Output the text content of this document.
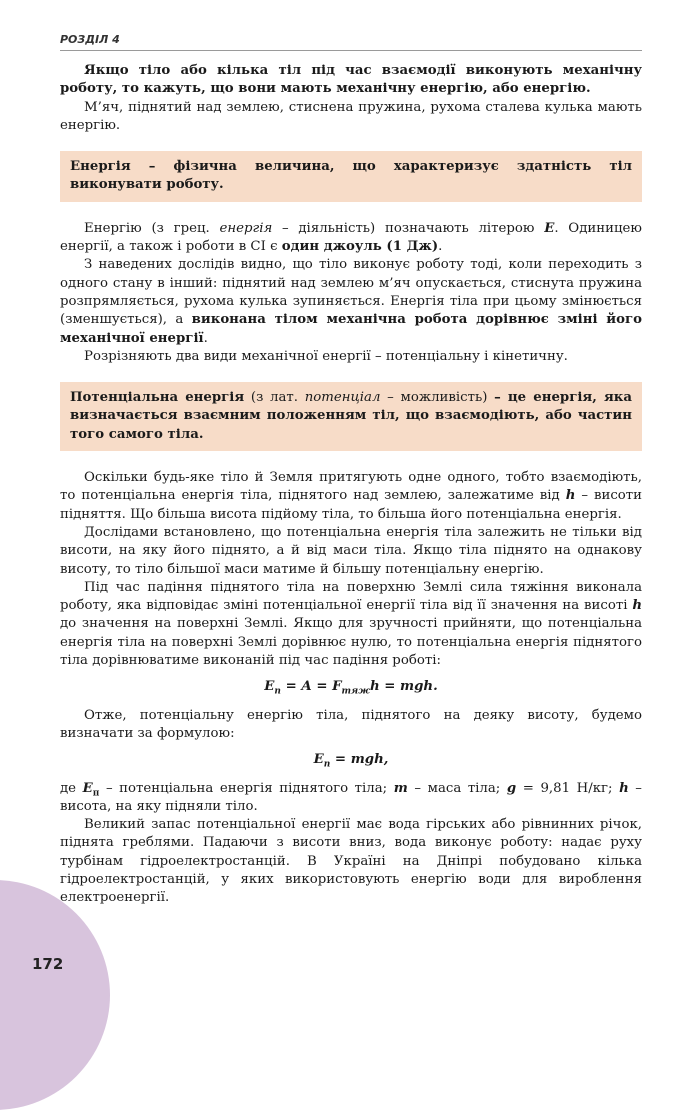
РОЗДІЛ 4

Якщо тіло або кілька тіл під час взаємодії виконують механічну роботу, то кажуть, що вони мають механічну енергію, або енергію.

М’яч, піднятий над землею, стиснена пружина, рухома сталева кулька мають енергію.

Енергія – фізична величина, що характеризує здатність тіл виконувати роботу.

Енергію (з грец. енергія – діяльність) позначають літерою E. Одиницею енергії, а також і роботи в СІ є один джоуль (1 Дж).

З наведених дослідів видно, що тіло виконує роботу тоді, коли переходить з одного стану в інший: піднятий над землею м’яч опускається, стиснута пружина розпрямляється, рухома кулька зупиняється. Енергія тіла при цьому змінюється (зменшується), а виконана тілом механічна робота дорівнює зміні його механічної енергії.

Розрізняють два види механічної енергії – потенціальну і кінетичну.

Потенціальна енергія (з лат. потенціал – можливість) – це енергія, яка визначається взаємним положенням тіл, що взаємодіють, або частин того самого тіла.

Оскільки будь-яке тіло й Земля притягують одне одного, тобто взаємодіють, то потенціальна енергія тіла, піднятого над землею, залежатиме від h – висоти підняття. Що більша висота підйому тіла, то більша його потенціальна енергія.

Дослідами встановлено, що потенціальна енергія тіла залежить не тільки від висоти, на яку його піднято, а й від маси тіла. Якщо тіла піднято на однакову висоту, то тіло більшої маси матиме й більшу потенціальну енергію.

Під час падіння піднятого тіла на поверхню Землі сила тяжіння виконала роботу, яка відповідає зміні потенціальної енергії тіла від її значення на висоті h до значення на поверхні Землі. Якщо для зручності прийняти, що потенціальна енергія тіла на поверхні Землі дорівнює нулю, то потенціальна енергія піднятого тіла дорівнюватиме виконаній під час падіння роботі:

$E_п = A = F_{тяж}h$ = mgh.

Отже, потенціальну енергію тіла, піднятого на деяку висоту, будемо визначати за формулою:

$E_п$ = mgh,

де $E_п$ – потенціальна енергія піднятого тіла; m – маса тіла; g = 9,81 Н/кг; h – висота, на яку підняли тіло.

Великий запас потенціальної енергії має вода гірських або рівнинних річок, піднята греблями. Падаючи з висоти вниз, вода виконує роботу: надає руху турбінам гідроелектростанцій. В Україні на Дніпрі побудовано кілька гідроелектростанцій, у яких використовують енергію води для вироблення електроенергії.

172
